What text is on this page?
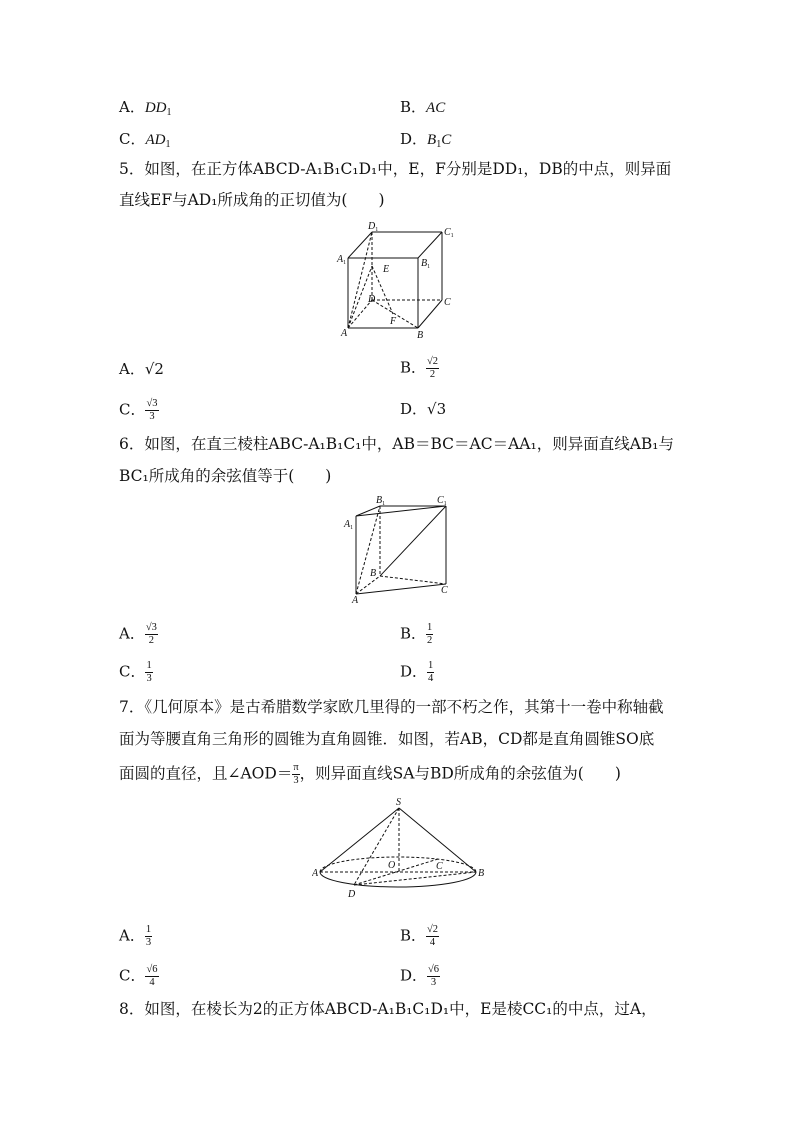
A．$DD_1$	B．AC
C．$AD_1$	D．$B_1C$
5．如图，在正方体ABCD-A₁B₁C₁D₁中，E，F分别是DD₁，DB的中点，则异面
直线EF与AD₁所成角的正切值为(　　)
$D_1$	$C_1$
$A_1$	$B_1$
E
D	C
F
A	B
A．√2	B． $\frac{√2}{2}$
C． $\frac{√3}{3}$	D．√3
6．如图，在直三棱柱ABC-A₁B₁C₁中，AB＝BC＝AC＝AA₁，则异面直线AB₁与
BC₁所成角的余弦值等于(　　)
$B_1$	$C_1$
$A_1$
B
C
A
A． $\frac{√3}{2}$	B． $\frac{1}{2}$
C． $\frac{1}{3}$	D． $\frac{1}{4}$
7．《几何原本》是古希腊数学家欧几里得的一部不朽之作，其第十一卷中称轴截
面为等腰直角三角形的圆锥为直角圆锥．如图，若AB，CD都是直角圆锥SO底
面圆的直径，且∠AOD＝ $\frac{\pi}{3}$ ，则异面直线SA与BD所成角的余弦值为(　　)
S
A
O	C
B
D
A． $\frac{1}{3}$	B． $\frac{√2}{4}$
C． $\frac{√6}{4}$	D． $\frac{√6}{3}$
8．如图，在棱长为2的正方体ABCD-A₁B₁C₁D₁中，E是棱CC₁的中点，过A，
